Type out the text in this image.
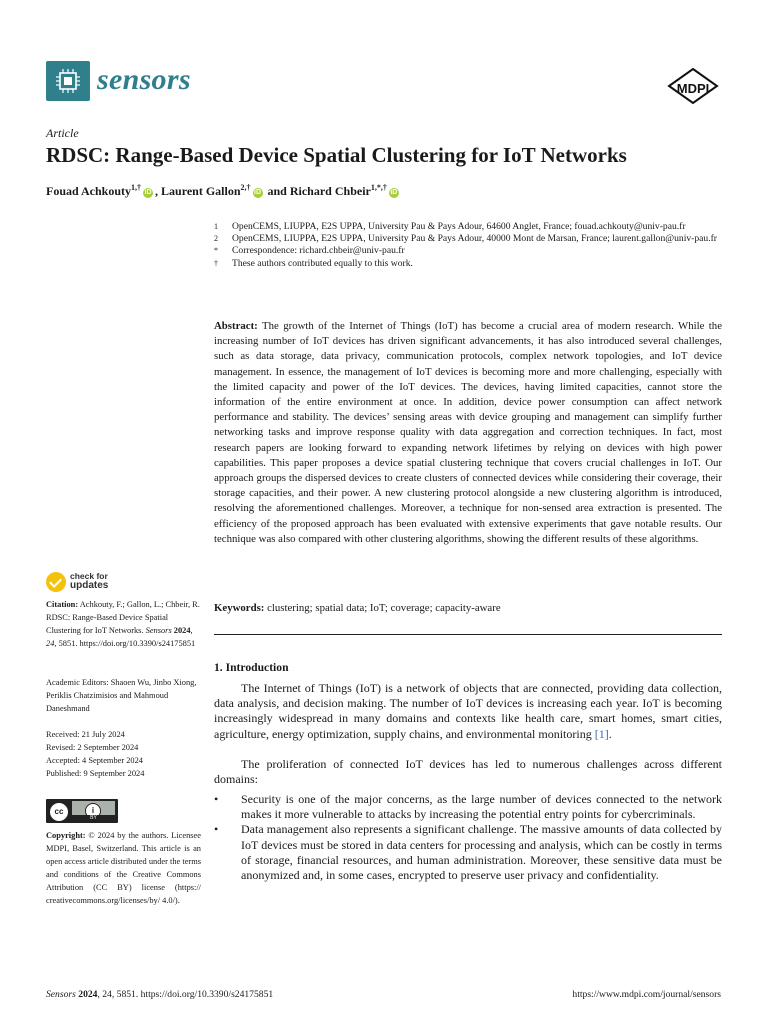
sensors	MDPI
Article
RDSC: Range-Based Device Spatial Clustering for IoT Networks
Fouad Achkouty$^{1,\dagger}$iD , Laurent Gallon$^{2,\dagger}$iD and Richard Chbeir$^{1,*,\dagger}$iD
1	OpenCEMS, LIUPPA, E2S UPPA, University Pau & Pays Adour, 64600 Anglet, France; fouad.achkouty@univ-pau.fr
2	OpenCEMS, LIUPPA, E2S UPPA, University Pau & Pays Adour, 40000 Mont de Marsan, France; laurent.gallon@univ-pau.fr
*	Correspondence: richard.chbeir@univ-pau.fr
†	These authors contributed equally to this work.
Abstract: The growth of the Internet of Things (IoT) has become a crucial area of modern research. While the increasing number of IoT devices has driven significant advancements, it has also introduced several challenges, such as data storage, data privacy, communication protocols, complex network topologies, and IoT device management. In essence, the management of IoT devices is becoming more and more challenging, especially with the limited capacity and power of the IoT devices. The devices, having limited capacities, cannot store the information of the entire environment at once. In addition, device power consumption can affect network performance and stability. The devices’ sensing areas with device grouping and management can simplify further networking tasks and improve response quality with data aggregation and correction techniques. In fact, most research papers are looking forward to expanding network lifetimes by relying on devices with high power capabilities. This paper proposes a device spatial clustering technique that covers crucial challenges in IoT. Our approach groups the dispersed devices to create clusters of connected devices while considering their coverage, their storage capacities, and their power. A new clustering protocol alongside a new clustering algorithm is introduced, resolving the aforementioned challenges. Moreover, a technique for non-sensed area extraction is presented. The efficiency of the proposed approach has been evaluated with extensive experiments that gave notable results. Our technique was also compared with other clustering algorithms, showing the different results of these algorithms.
Keywords: clustering; spatial data; IoT; coverage; capacity-aware
check for
updates
Citation: Achkouty, F.; Gallon, L.; Chbeir, R. RDSC: Range-Based Device Spatial Clustering for IoT Networks. Sensors 2024, 24, 5851. https://doi.org/10.3390/s24175851
Academic Editors: Shaoen Wu, Jinbo Xiong, Periklis Chatzimisios and Mahmoud Daneshmand
Received: 21 July 2024
Revised: 2 September 2024
Accepted: 4 September 2024
Published: 9 September 2024
cc	i
BY
Copyright: © 2024 by the authors. Licensee MDPI, Basel, Switzerland. This article is an open access article distributed under the terms and conditions of the Creative Commons Attribution (CC BY) license (https:// creativecommons.org/licenses/by/ 4.0/).
1. Introduction
The Internet of Things (IoT) is a network of objects that are connected, providing data collection, data analysis, and decision making. The number of IoT devices is increasing each year. IoT is becoming increasingly widespread in many domains and contexts like health care, smart homes, smart cities, agriculture, energy optimization, supply chains, and environmental monitoring [1].
The proliferation of connected IoT devices has led to numerous challenges across different domains:
•	Security is one of the major concerns, as the large number of devices connected to the network makes it more vulnerable to attacks by increasing the potential entry points for cybercriminals.
•	Data management also represents a significant challenge. The massive amounts of data collected by IoT devices must be stored in data centers for processing and analysis, which can be costly in terms of storage, financial resources, and human administration. Moreover, these sensitive data must be anonymized and, in some cases, encrypted to preserve user privacy and confidentiality.
Sensors 2024, 24, 5851. https://doi.org/10.3390/s24175851	https://www.mdpi.com/journal/sensors
